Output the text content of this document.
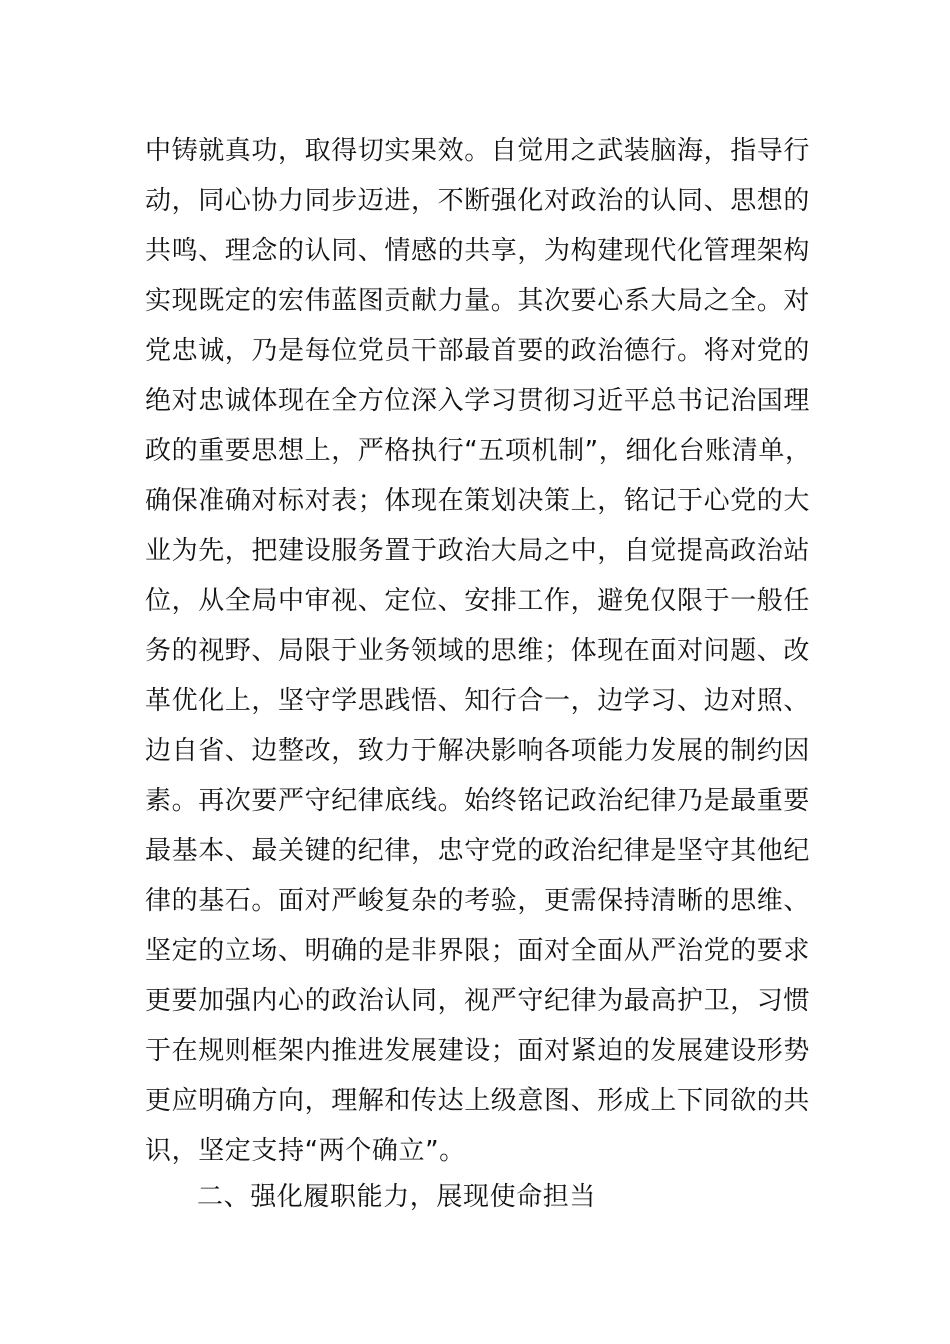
中铸就真功，取得切实果效。自觉用之武装脑海，指导行
动，同心协力同步迈进，不断强化对政治的认同、思想的
共鸣、理念的认同、情感的共享，为构建现代化管理架构
实现既定的宏伟蓝图贡献力量。其次要心系大局之全。对
党忠诚，乃是每位党员干部最首要的政治德行。将对党的
绝对忠诚体现在全方位深入学习贯彻习近平总书记治国理
政的重要思想上，严格执行“五项机制”，细化台账清单，
确保准确对标对表；体现在策划决策上，铭记于心党的大
业为先，把建设服务置于政治大局之中，自觉提高政治站
位，从全局中审视、定位、安排工作，避免仅限于一般任
务的视野、局限于业务领域的思维；体现在面对问题、改
革优化上，坚守学思践悟、知行合一，边学习、边对照、
边自省、边整改，致力于解决影响各项能力发展的制约因
素。再次要严守纪律底线。始终铭记政治纪律乃是最重要
最基本、最关键的纪律，忠守党的政治纪律是坚守其他纪
律的基石。面对严峻复杂的考验，更需保持清晰的思维、
坚定的立场、明确的是非界限；面对全面从严治党的要求
更要加强内心的政治认同，视严守纪律为最高护卫，习惯
于在规则框架内推进发展建设；面对紧迫的发展建设形势
更应明确方向，理解和传达上级意图、形成上下同欲的共
识，坚定支持“两个确立”。
二、强化履职能力，展现使命担当
